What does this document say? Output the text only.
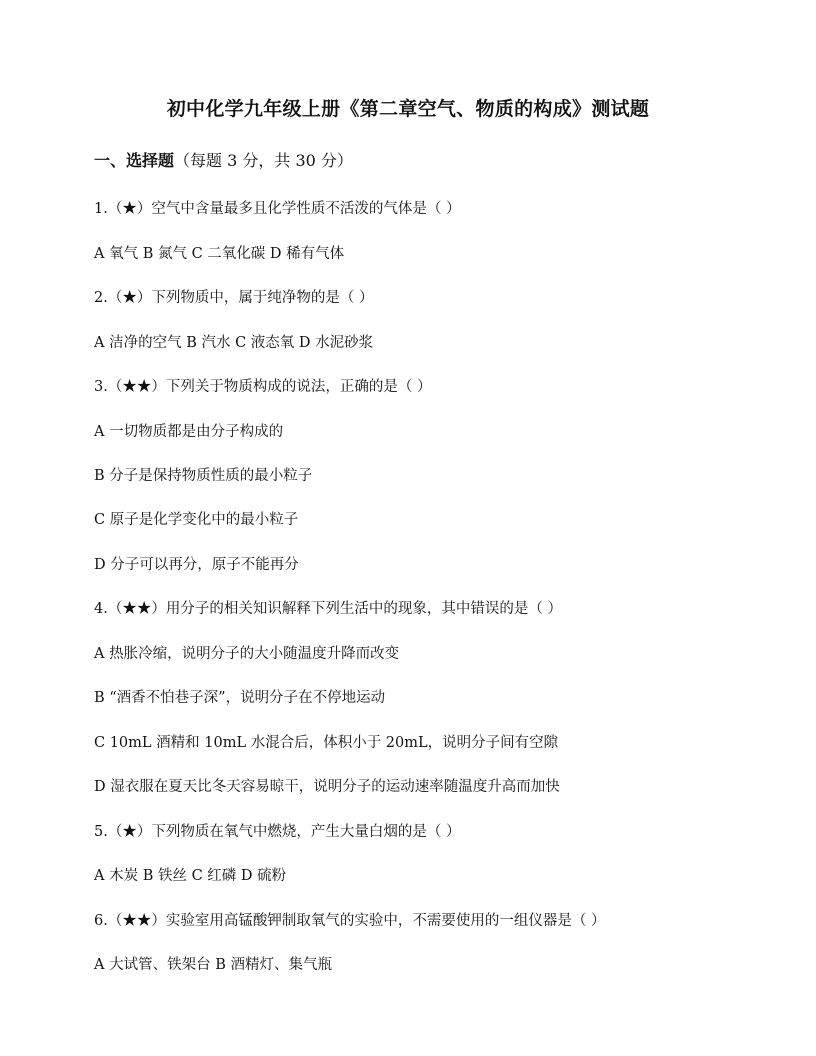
初中化学九年级上册《第二章空气、物质的构成》测试题
一、选择题（每题 3 分，共 30 分）
1.（★）空气中含量最多且化学性质不活泼的气体是（ ）
A 氧气 B 氮气 C 二氧化碳 D 稀有气体
2.（★）下列物质中，属于纯净物的是（ ）
A 洁净的空气 B 汽水 C 液态氧 D 水泥砂浆
3.（★★）下列关于物质构成的说法，正确的是（ ）
A 一切物质都是由分子构成的
B 分子是保持物质性质的最小粒子
C 原子是化学变化中的最小粒子
D 分子可以再分，原子不能再分
4.（★★）用分子的相关知识解释下列生活中的现象，其中错误的是（ ）
A 热胀冷缩，说明分子的大小随温度升降而改变
B “酒香不怕巷子深”，说明分子在不停地运动
C 10mL 酒精和 10mL 水混合后，体积小于 20mL，说明分子间有空隙
D 湿衣服在夏天比冬天容易晾干，说明分子的运动速率随温度升高而加快
5.（★）下列物质在氧气中燃烧，产生大量白烟的是（ ）
A 木炭 B 铁丝 C 红磷 D 硫粉
6.（★★）实验室用高锰酸钾制取氧气的实验中，不需要使用的一组仪器是（ ）
A 大试管、铁架台 B 酒精灯、集气瓶
